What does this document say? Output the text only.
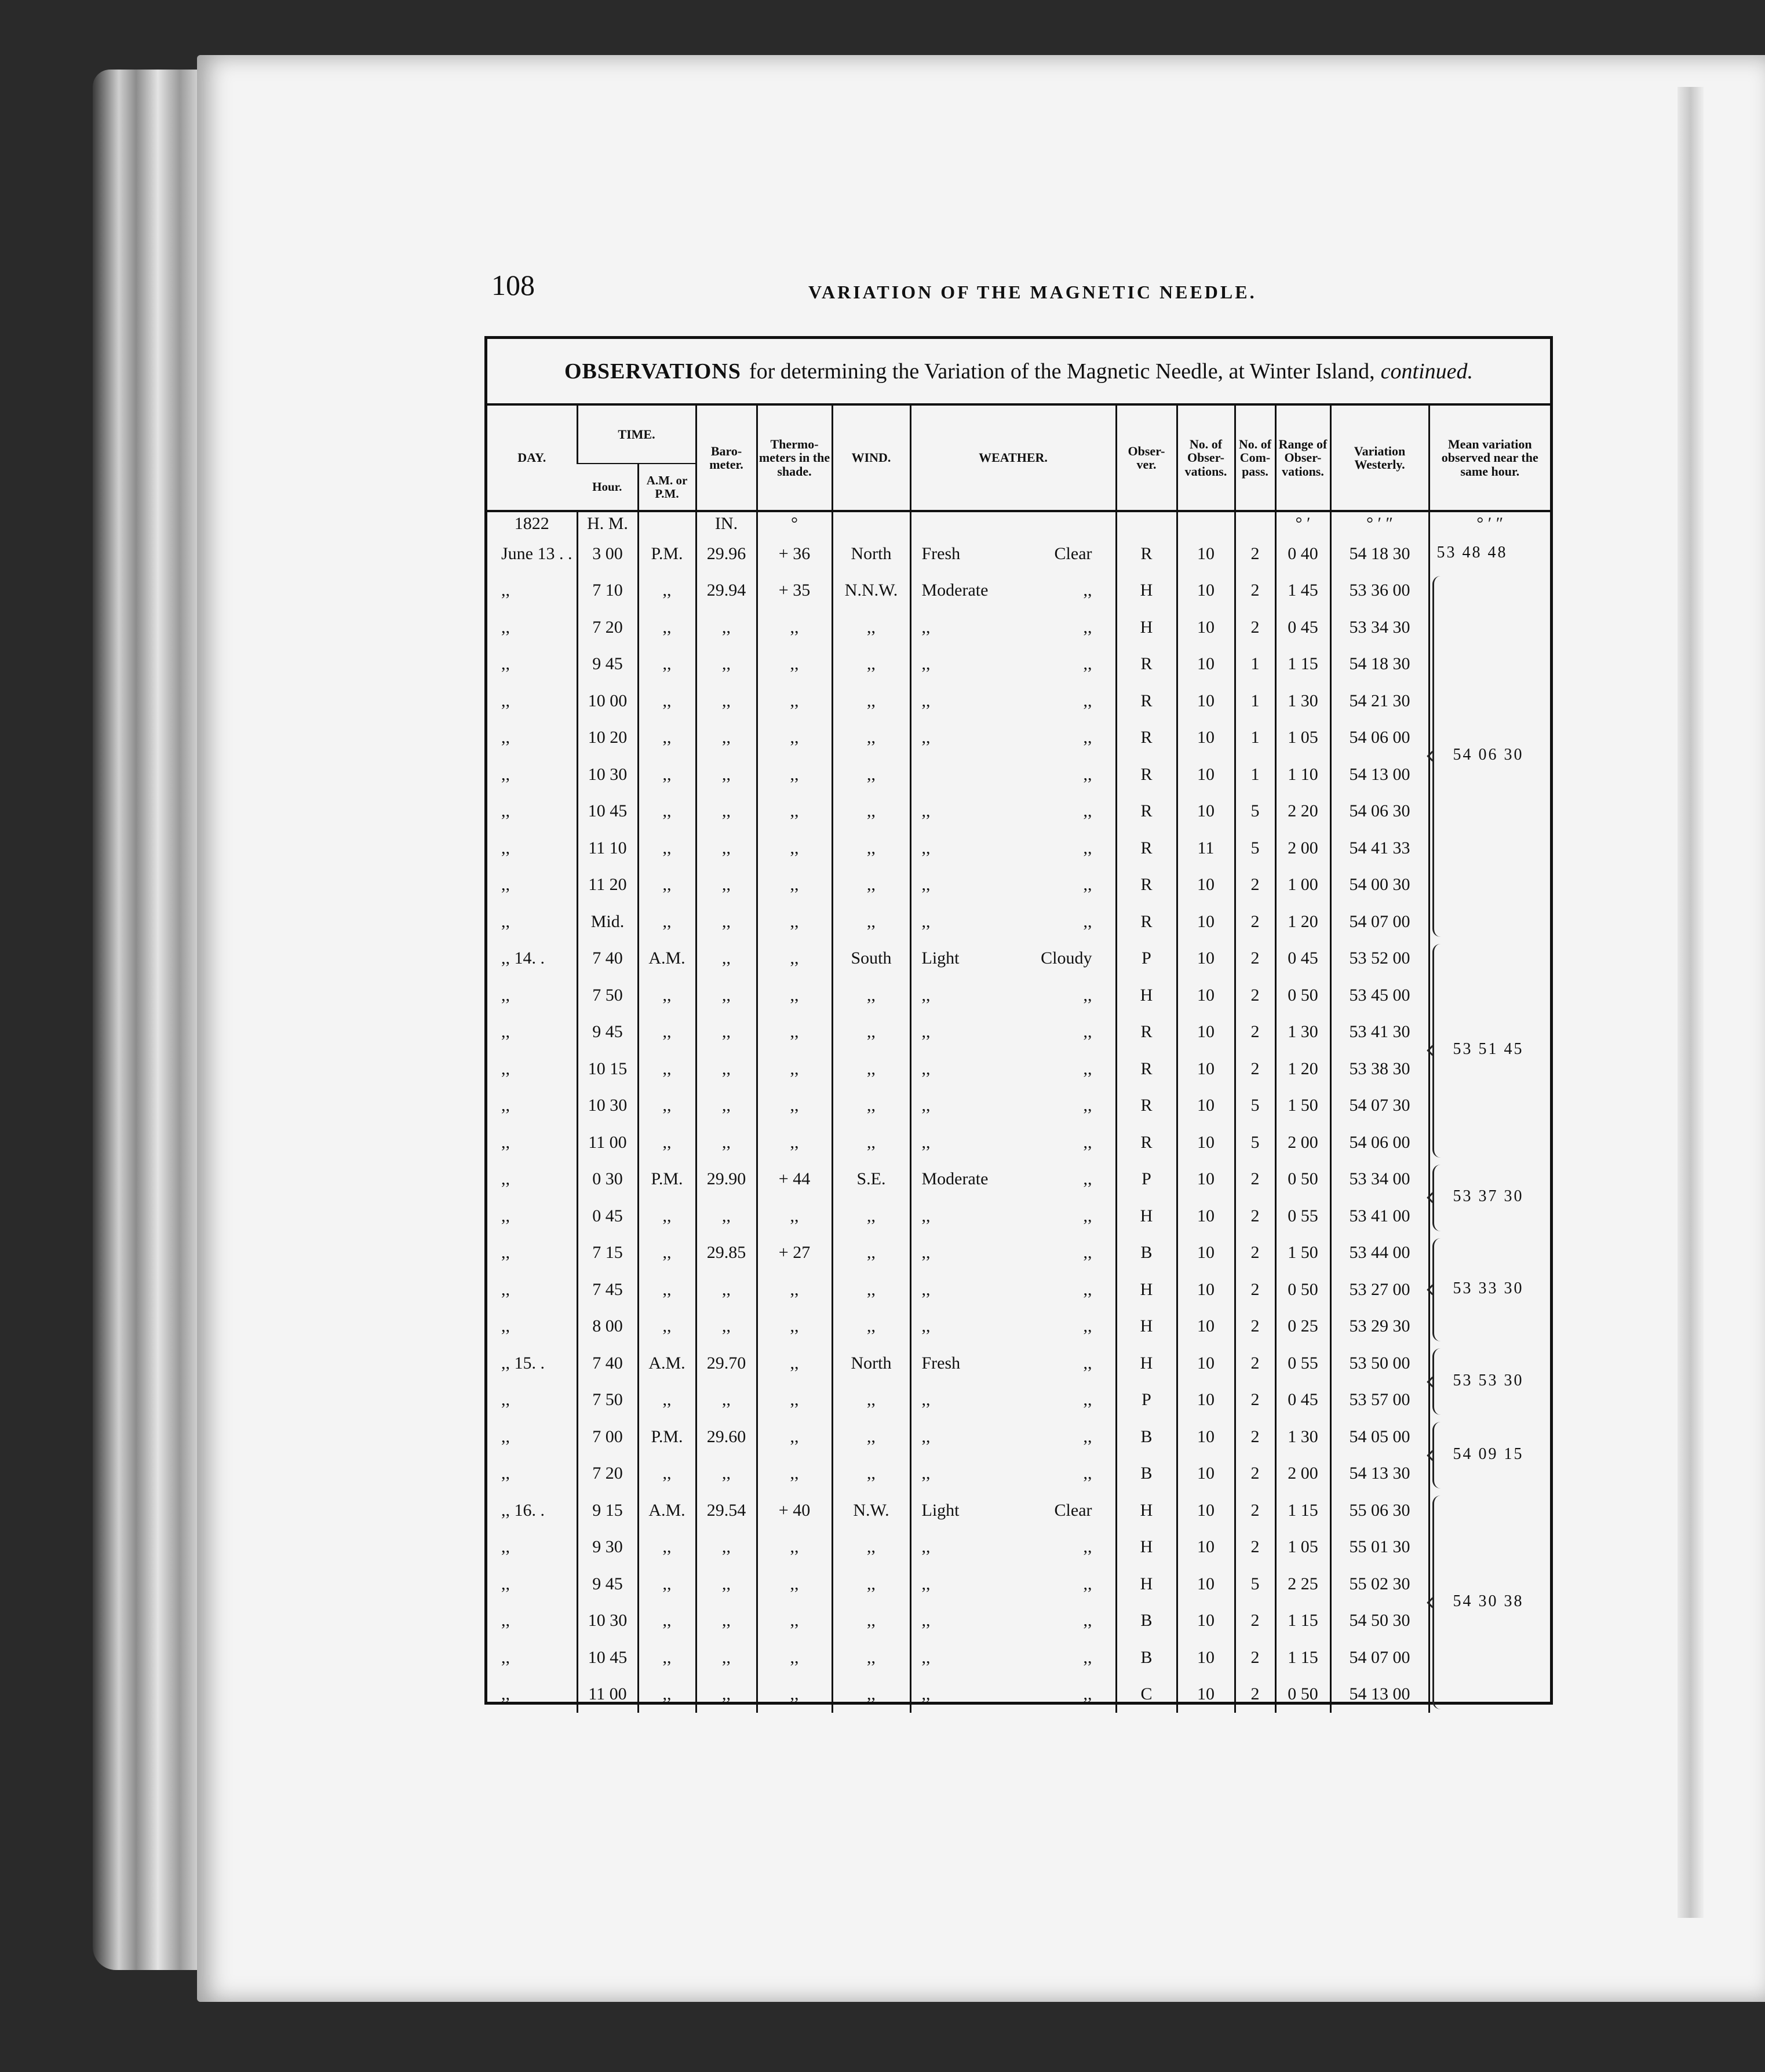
108	VARIATION OF THE MAGNETIC NEEDLE.
OBSERVATIONS for determining the Variation of the Magnetic Needle, at Winter Island, continued.
DAY.	TIME.		Baro- meter.	Thermo- meters in the shade.	WIND.	WEATHER.	Obser- ver.	No. of Obser- vations.	No. of Com- pass.	Range of Obser- vations.	Variation Westerly.	Mean variation observed near the same hour.
	Hour.	A.M. or P.M.										
1822	H. M.		IN.	°						° ′	° ′ ″	° ′ ″
June 13 . .	3 00	P.M.	29.96	+ 36	North	Fresh Clear	R	10	2	0 40	54 18 30	53 48 48

,,	7 10	,,	29.94	+ 35	N.N.W.	Moderate ,,	H	10	2	1 45	53 36 00	54 06 30

,,	7 20	,,	,,	,,	,,	,, ,,	H	10	2	0 45	53 34 30	
,,	9 45	,,	,,	,,	,,	,, ,,	R	10	1	1 15	54 18 30	
,,	10 00	,,	,,	,,	,,	,, ,,	R	10	1	1 30	54 21 30	
,,	10 20	,,	,,	,,	,,	,, ,,	R	10	1	1 05	54 06 00	
,,	10 30	,,	,,	,,	,,	,,	R	10	1	1 10	54 13 00	
,,	10 45	,,	,,	,,	,,	,, ,,	R	10	5	2 20	54 06 30	
,,	11 10	,,	,,	,,	,,	,, ,,	R	11	5	2 00	54 41 33	
,,	11 20	,,	,,	,,	,,	,, ,,	R	10	2	1 00	54 00 30	
,,	Mid.	,,	,,	,,	,,	,, ,,	R	10	2	1 20	54 07 00	
,, 14. .	7 40	A.M.	,,	,,	South	Light Cloudy	P	10	2	0 45	53 52 00	53 51 45

,,	7 50	,,	,,	,,	,,	,, ,,	H	10	2	0 50	53 45 00	
,,	9 45	,,	,,	,,	,,	,, ,,	R	10	2	1 30	53 41 30	
,,	10 15	,,	,,	,,	,,	,, ,,	R	10	2	1 20	53 38 30	
,,	10 30	,,	,,	,,	,,	,, ,,	R	10	5	1 50	54 07 30	
,,	11 00	,,	,,	,,	,,	,, ,,	R	10	5	2 00	54 06 00	
,,	0 30	P.M.	29.90	+ 44	S.E.	Moderate ,,	P	10	2	0 50	53 34 00	53 37 30

,,	0 45	,,	,,	,,	,,	,, ,,	H	10	2	0 55	53 41 00	
,,	7 15	,,	29.85	+ 27	,,	,, ,,	B	10	2	1 50	53 44 00	53 33 30

,,	7 45	,,	,,	,,	,,	,, ,,	H	10	2	0 50	53 27 00	
,,	8 00	,,	,,	,,	,,	,, ,,	H	10	2	0 25	53 29 30	
,, 15. .	7 40	A.M.	29.70	,,	North	Fresh ,,	H	10	2	0 55	53 50 00	53 53 30

,,	7 50	,,	,,	,,	,,	,, ,,	P	10	2	0 45	53 57 00	
,,	7 00	P.M.	29.60	,,	,,	,, ,,	B	10	2	1 30	54 05 00	54 09 15

,,	7 20	,,	,,	,,	,,	,, ,,	B	10	2	2 00	54 13 30	
,, 16. .	9 15	A.M.	29.54	+ 40	N.W.	Light Clear	H	10	2	1 15	55 06 30	54 30 38

,,	9 30	,,	,,	,,	,,	,, ,,	H	10	2	1 05	55 01 30	
,,	9 45	,,	,,	,,	,,	,, ,,	H	10	5	2 25	55 02 30	
,,	10 30	,,	,,	,,	,,	,, ,,	B	10	2	1 15	54 50 30	
,,	10 45	,,	,,	,,	,,	,, ,,	B	10	2	1 15	54 07 00	
,,	11 00	,,	,,	,,	,,	,, ,,	C	10	2	0 50	54 13 00	
